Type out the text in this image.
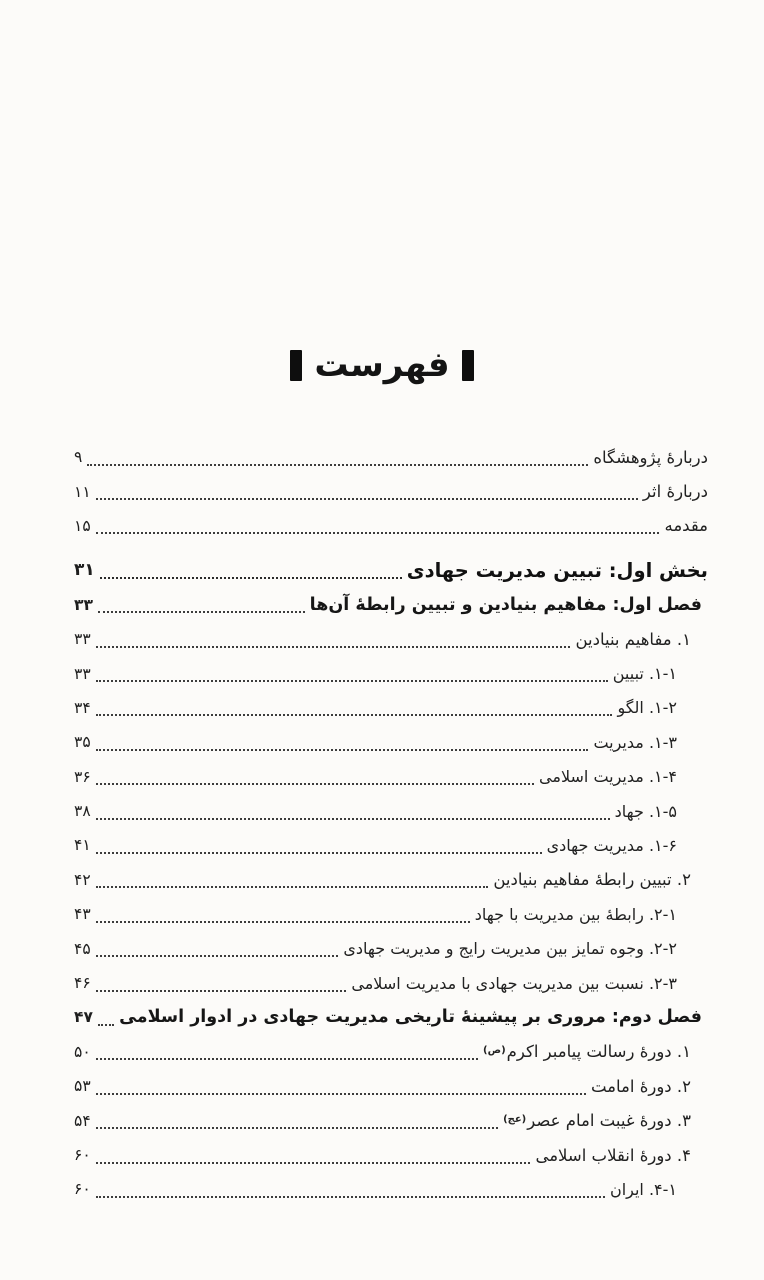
فهرست
دربارهٔ پژوهشگاه
۹
دربارهٔ اثر
۱۱
مقدمه
۱۵
بخش اول: تبیین مدیریت جهادی
۳۱
فصل اول: مفاهیم بنیادین و تبیین رابطهٔ آن‌ها
۳۳
۱. مفاهیم بنیادین
۳۳
۱-۱. تبیین
۳۳
۱-۲. الگو
۳۴
۱-۳. مدیریت
۳۵
۱-۴. مدیریت اسلامی
۳۶
۱-۵. جهاد
۳۸
۱-۶. مدیریت جهادی
۴۱
۲. تبیین رابطهٔ مفاهیم بنیادین
۴۲
۲-۱. رابطهٔ بین مدیریت با جهاد
۴۳
۲-۲. وجوه تمایز بین مدیریت رایج و مدیریت جهادی
۴۵
۲-۳. نسبت بین مدیریت جهادی با مدیریت اسلامی
۴۶
فصل دوم: مروری بر پیشینهٔ تاریخی مدیریت جهادی در ادوار اسلامی
۴۷
۱. دورهٔ رسالت پیامبر اکرم$^{(ص)}$
۵۰
۲. دورهٔ امامت
۵۳
۳. دورهٔ غیبت امام عصر$^{(عج)}$
۵۴
۴. دورهٔ انقلاب اسلامی
۶۰
۴-۱. ایران
۶۰
